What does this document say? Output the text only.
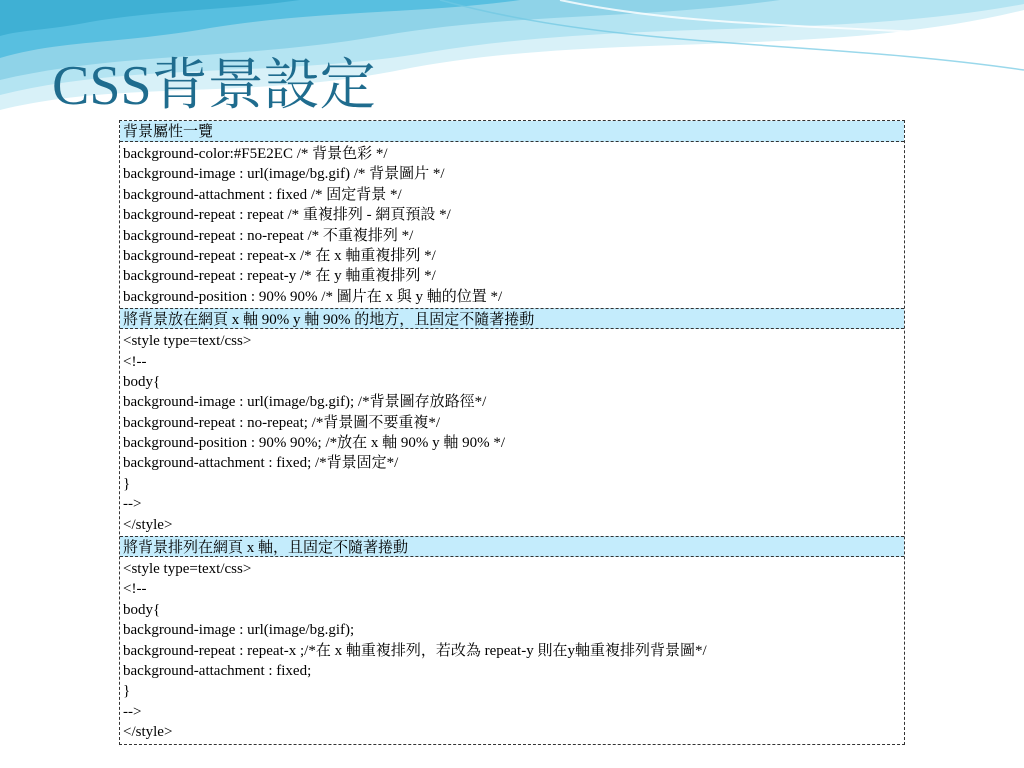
CSS背景設定
背景屬性一覽
background-color:#F5E2EC /* 背景色彩 */
background-image : url(image/bg.gif) /* 背景圖片 */
background-attachment : fixed /* 固定背景 */
background-repeat : repeat /* 重複排列 - 網頁預設 */
background-repeat : no-repeat /* 不重複排列 */
background-repeat : repeat-x /* 在 x 軸重複排列 */
background-repeat : repeat-y /* 在 y 軸重複排列 */
background-position : 90% 90% /* 圖片在 x 與 y 軸的位置 */
將背景放在網頁 x 軸 90% y 軸 90% 的地方，且固定不隨著捲動
<style type=text/css>
<!--
body{
background-image : url(image/bg.gif); /*背景圖存放路徑*/
background-repeat : no-repeat; /*背景圖不要重複*/
background-position : 90% 90%; /*放在 x 軸 90% y 軸 90% */
background-attachment : fixed; /*背景固定*/
}
-->
</style>
將背景排列在網頁 x 軸，且固定不隨著捲動
<style type=text/css>
<!--
body{
background-image : url(image/bg.gif);
background-repeat : repeat-x ;/*在 x 軸重複排列，若改為 repeat-y 則在y軸重複排列背景圖*/
background-attachment : fixed;
}
-->
</style>
